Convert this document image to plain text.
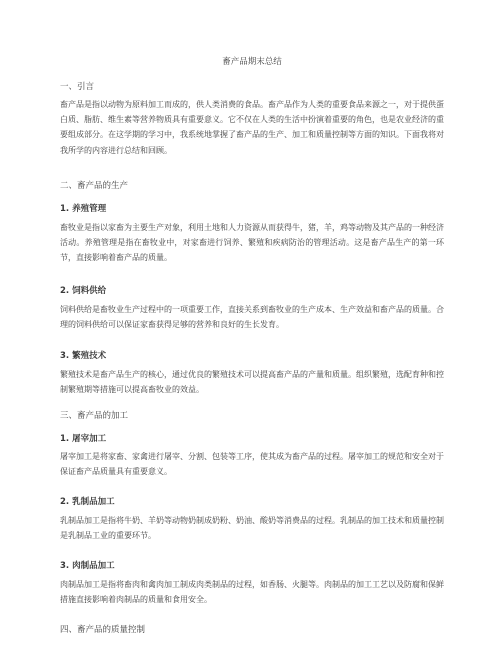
畜产品期末总结
一、引言
畜产品是指以动物为原料加工而成的，供人类消费的食品。畜产品作为人类的重要食品来源之一，对于提供蛋白质、脂肪、维生素等营养物质具有重要意义。它不仅在人类的生活中扮演着重要的角色，也是农业经济的重要组成部分。在这学期的学习中，我系统地掌握了畜产品的生产、加工和质量控制等方面的知识。下面我将对我所学的内容进行总结和回顾。
二、畜产品的生产
1. 养殖管理
畜牧业是指以家畜为主要生产对象，利用土地和人力资源从而获得牛，猪，羊，鸡等动物及其产品的一种经济活动。养殖管理是指在畜牧业中，对家畜进行饲养、繁殖和疾病防治的管理活动。这是畜产品生产的第一环节，直接影响着畜产品的质量。
2. 饲料供给
饲料供给是畜牧业生产过程中的一项重要工作，直接关系到畜牧业的生产成本、生产效益和畜产品的质量。合理的饲料供给可以保证家畜获得足够的营养和良好的生长发育。
3. 繁殖技术
繁殖技术是畜产品生产的核心，通过优良的繁殖技术可以提高畜产品的产量和质量。组织繁殖，选配育种和控制繁殖期等措施可以提高畜牧业的效益。
三、畜产品的加工
1. 屠宰加工
屠宰加工是将家畜、家禽进行屠宰、分割、包装等工序，使其成为畜产品的过程。屠宰加工的规范和安全对于保证畜产品质量具有重要意义。
2. 乳制品加工
乳制品加工是指将牛奶、羊奶等动物奶制成奶粉、奶油、酸奶等消费品的过程。乳制品的加工技术和质量控制是乳制品工业的重要环节。
3. 肉制品加工
肉制品加工是指将畜肉和禽肉加工制成肉类制品的过程，如香肠、火腿等。肉制品的加工工艺以及防腐和保鲜措施直接影响着肉制品的质量和食用安全。
四、畜产品的质量控制
